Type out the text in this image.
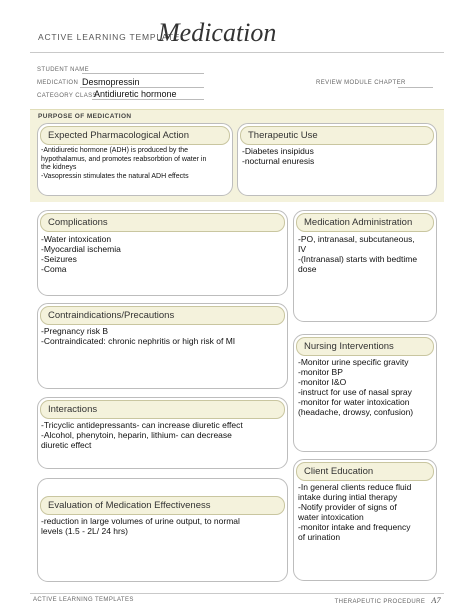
ACTIVE LEARNING TEMPLATE:
Medication
STUDENT NAME
MEDICATION Desmopressin
CATEGORY CLASS
Antidiuretic hormone
REVIEW MODULE CHAPTER
PURPOSE OF MEDICATION
Expected Pharmacological Action
-Antidiuretic hormone (ADH) is produced by the
hypothalamus, and promotes reabsorbtion of water in
the kidneys
-Vasopressin stimulates the natural ADH effects
Therapeutic Use
-Diabetes insipidus
-nocturnal enuresis
Complications
-Water intoxication
-Myocardial ischemia
-Seizures
-Coma
Medication Administration
-PO, intranasal, subcutaneous,
IV
-(Intranasal) starts with bedtime
dose
Contraindications/Precautions
-Pregnancy risk B
-Contraindicated: chronic nephritis or high risk of MI	Nursing Interventions
-Monitor urine specific gravity
-monitor BP
-monitor I&O
-instruct for use of nasal spray
-monitor for water intoxication
(headache, drowsy, confusion)
Interactions
-Tricyclic antidepressants- can increase diuretic effect
-Alcohol, phenytoin, heparin, lithium- can decrease
diuretic effect
Client Education
-In general clients reduce fluid
intake during intial therapy
-Notify provider of signs of
water intoxication
-monitor intake and frequency
of urination
Evaluation of Medication Effectiveness
-reduction in large volumes of urine output, to normal
levels (1.5 - 2L/ 24 hrs)
ACTIVE LEARNING TEMPLATES	THERAPEUTIC PROCEDURE A7
